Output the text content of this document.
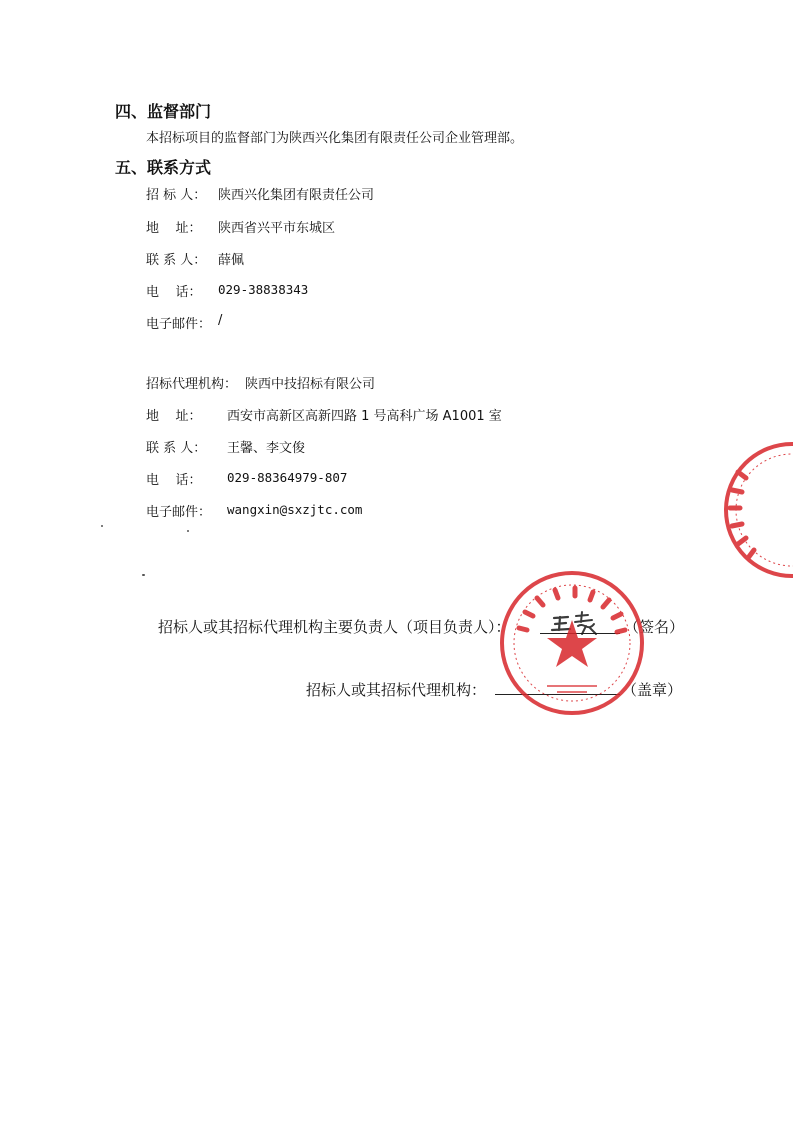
四、监督部门
本招标项目的监督部门为陕西兴化集团有限责任公司企业管理部。
五、联系方式
招 标 人： 陕西兴化集团有限责任公司
地    址： 陕西省兴平市东城区
联 系 人： 薛佩
电    话： 029-38838343
电子邮件： /
招标代理机构： 陕西中技招标有限公司
地    址： 西安市高新区高新四路 1 号高科广场 A1001 室
联 系 人： 王馨、李文俊
电    话： 029-88364979-807
电子邮件： wangxin@sxzjtc.com
招标人或其招标代理机构主要负责人（项目负责人）：	（签名）
招标人或其招标代理机构：	（盖章）
